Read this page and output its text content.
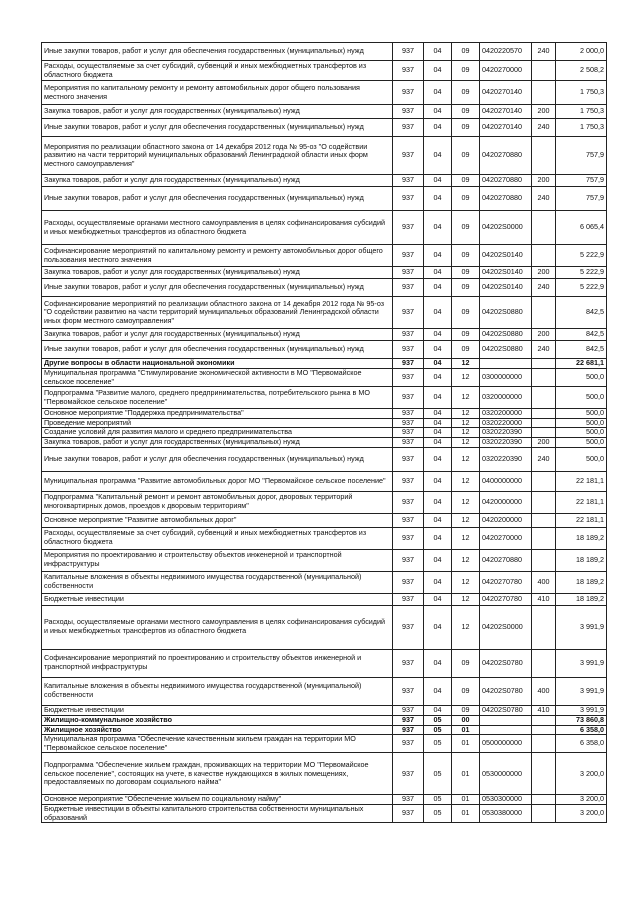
Иные закупки товаров, работ и услуг для обеспечения государственных (муниципальных) нужд	937	04	09	0420220570	240	2 000,0
Расходы, осуществляемые за счет субсидий, субвенций и иных межбюджетных трансфертов из областного бюджета	937	04	09	0420270000		2 508,2
Мероприятия по капитальному ремонту и ремонту автомобильных дорог общего пользования местного значения	937	04	09	0420270140		1 750,3
Закупка товаров, работ и услуг для государственных (муниципальных) нужд	937	04	09	0420270140	200	1 750,3
Иные закупки товаров, работ и услуг для обеспечения государственных (муниципальных) нужд	937	04	09	0420270140	240	1 750,3
Мероприятия по реализации областного закона от 14 декабря 2012 года № 95-оз "О содействии развитию на части территорий муниципальных образований Ленинградской области иных форм местного самоуправления"	937	04	09	0420270880		757,9
Закупка товаров, работ и услуг для государственных (муниципальных) нужд	937	04	09	0420270880	200	757,9
Иные закупки товаров, работ и услуг для обеспечения государственных (муниципальных) нужд	937	04	09	0420270880	240	757,9
Расходы, осуществляемые органами местного самоуправления в целях софинансирования субсидий и иных межбюджетных трансфертов из областного бюджета	937	04	09	04202S0000		6 065,4
Софинансирование мероприятий по капитальному ремонту и ремонту автомобильных дорог общего пользования местного значения	937	04	09	04202S0140		5 222,9
Закупка товаров, работ и услуг для государственных (муниципальных) нужд	937	04	09	04202S0140	200	5 222,9
Иные закупки товаров, работ и услуг для обеспечения государственных (муниципальных) нужд	937	04	09	04202S0140	240	5 222,9
Софинансирование мероприятий по реализации областного закона от 14 декабря 2012 года № 95-оз "О содействии развитию на части территорий муниципальных образований Ленинградской области иных форм местного самоуправления"	937	04	09	04202S0880		842,5
Закупка товаров, работ и услуг для государственных (муниципальных) нужд	937	04	09	04202S0880	200	842,5
Иные закупки товаров, работ и услуг для обеспечения государственных (муниципальных) нужд	937	04	09	04202S0880	240	842,5
Другие вопросы в области национальной экономики	937	04	12			22 681,1
Муниципальная программа "Стимулирование экономической активности в МО "Первомайское сельское поселение"	937	04	12	0300000000		500,0
Подпрограмма "Развитие малого, среднего предпринимательства, потребительского рынка в МО "Первомайское сельское поселение"	937	04	12	0320000000		500,0
Основное мероприятие "Поддержка предпринимательства"	937	04	12	0320200000		500,0
Проведение мероприятий	937	04	12	0320220000		500,0
Создание условий для развития малого и среднего предпринимательства	937	04	12	0320220390		500,0
Закупка товаров, работ и услуг для государственных (муниципальных) нужд	937	04	12	0320220390	200	500,0
Иные закупки товаров, работ и услуг для обеспечения государственных (муниципальных) нужд	937	04	12	0320220390	240	500,0
Муниципальная программа "Развитие автомобильных дорог МО "Первомайское сельское поселение"	937	04	12	0400000000		22 181,1
Подпрограмма "Капитальный ремонт и ремонт автомобильных дорог, дворовых территорий многоквартирных домов, проездов к дворовым территориям"	937	04	12	0420000000		22 181,1
Основное мероприятие "Развитие автомобильных дорог"	937	04	12	0420200000		22 181,1
Расходы, осуществляемые за счет субсидий, субвенций и иных межбюджетных трансфертов из областного бюджета	937	04	12	0420270000		18 189,2
Мероприятия по проектированию и строительству объектов инженерной и транспортной инфраструктуры	937	04	12	0420270880		18 189,2
Капитальные вложения в объекты недвижимого имущества государственной (муниципальной) собственности	937	04	12	0420270780	400	18 189,2
Бюджетные инвестиции	937	04	12	0420270780	410	18 189,2
Расходы, осуществляемые органами местного самоуправления в целях софинансирования субсидий и иных межбюджетных трансфертов из областного бюджета	937	04	12	04202S0000		3 991,9
Софинансирование мероприятий по проектированию и строительству объектов инженерной и транспортной инфраструктуры	937	04	09	04202S0780		3 991,9
Капитальные вложения в объекты недвижимого имущества государственной (муниципальной) собственности	937	04	09	04202S0780	400	3 991,9
Бюджетные инвестиции	937	04	09	04202S0780	410	3 991,9
Жилищно-коммунальное хозяйство	937	05	00			73 860,8
Жилищное хозяйство	937	05	01			6 358,0
Муниципальная программа "Обеспечение качественным жильем граждан на территории МО "Первомайское сельское поселение"	937	05	01	0500000000		6 358,0
Подпрограмма "Обеспечение жильем граждан, проживающих на территории МО "Первомайское сельское поселение", состоящих на учете, в качестве нуждающихся в жилых помещениях, предоставляемых по договорам социального найма"	937	05	01	0530000000		3 200,0
Основное мероприятие "Обеспечение жильем по социальному найму"	937	05	01	0530300000		3 200,0
Бюджетные инвестиции в объекты капитального строительства собственности муниципальных образований	937	05	01	0530380000		3 200,0
